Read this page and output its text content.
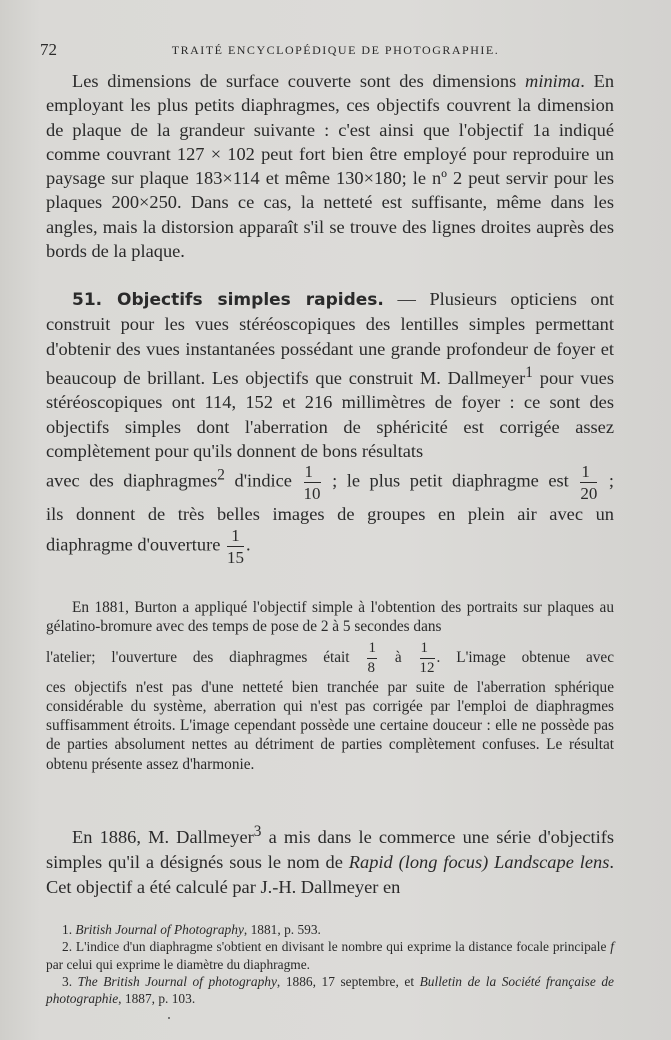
72	TRAITÉ ENCYCLOPÉDIQUE DE PHOTOGRAPHIE.

Les dimensions de surface couverte sont des dimensions minima. En employant les plus petits diaphragmes, ces objectifs couvrent la dimension de plaque de la grandeur suivante : c'est ainsi que l'objectif 1a indiqué comme couvrant 127 × 102 peut fort bien être employé pour reproduire un paysage sur plaque 183×114 et même 130×180; le nº 2 peut servir pour les plaques 200×250. Dans ce cas, la netteté est suffisante, même dans les angles, mais la distorsion apparaît s'il se trouve des lignes droites auprès des bords de la plaque.

51. Objectifs simples rapides. — Plusieurs opticiens ont construit pour les vues stéréoscopiques des lentilles simples permettant d'obtenir des vues instantanées possédant une grande profondeur de foyer et beaucoup de brillant. Les objectifs que construit M. Dallmeyer$^1$ pour vues stéréoscopiques ont 114, 152 et 216 millimètres de foyer : ce sont des objectifs simples dont l'aberration de sphéricité est corrigée assez complètement pour qu'ils donnent de bons résultats

avec des diaphragmes$^2$ d'indice $\frac{1}{10}$ ; le plus petit diaphragme est $\frac{1}{20}$ ;

ils donnent de très belles images de groupes en plein air avec un

diaphragme d'ouverture $\frac{1}{15}$ .

En 1881, Burton a appliqué l'objectif simple à l'obtention des portraits sur plaques au gélatino-bromure avec des temps de pose de 2 à 5 secondes dans

l'atelier; l'ouverture des diaphragmes était $\frac{1}{8}$ à $\frac{1}{12}$ . L'image obtenue avec

ces objectifs n'est pas d'une netteté bien tranchée par suite de l'aberration sphérique considérable du système, aberration qui n'est pas corrigée par l'emploi de diaphragmes suffisamment étroits. L'image cependant possède une certaine douceur : elle ne possède pas de parties absolument nettes au détriment de parties complètement confuses. Le résultat obtenu présente assez d'harmonie.

En 1886, M. Dallmeyer$^3$ a mis dans le commerce une série d'objectifs simples qu'il a désignés sous le nom de Rapid (long focus) Landscape lens. Cet objectif a été calculé par J.-H. Dallmeyer en

1. British Journal of Photography, 1881, p. 593.

2. L'indice d'un diaphragme s'obtient en divisant le nombre qui exprime la distance focale principale f par celui qui exprime le diamètre du diaphragme.

3. The British Journal of photography, 1886, 17 septembre, et Bulletin de la Société française de photographie, 1887, p. 103.
